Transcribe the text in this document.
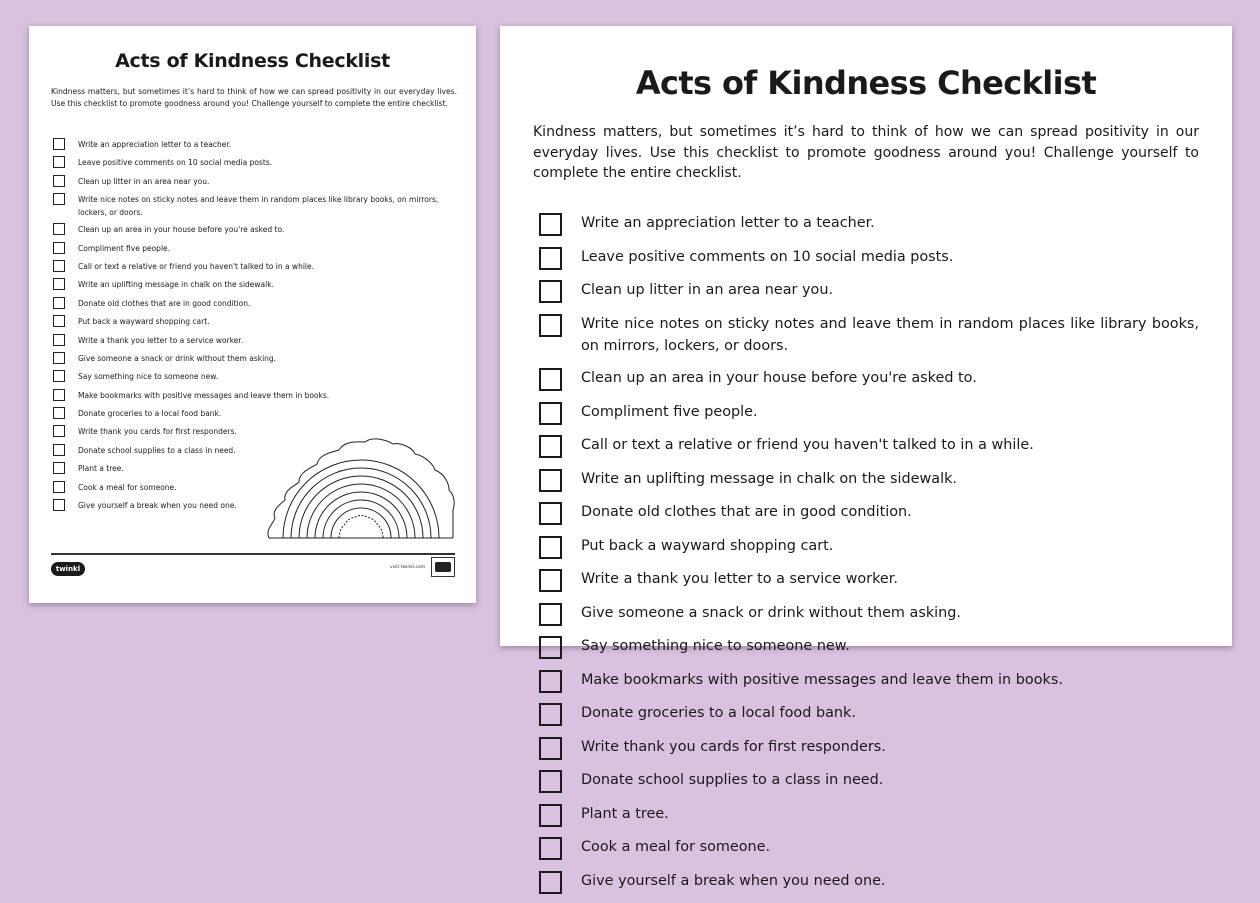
Acts of Kindness Checklist
Kindness matters, but sometimes it’s hard to think of how we can spread positivity in our everyday lives. Use this checklist to promote goodness around you! Challenge yourself to complete the entire checklist.
Write an appreciation letter to a teacher.
Leave positive comments on 10 social media posts.
Clean up litter in an area near you.
Write nice notes on sticky notes and leave them in random places like library books, on mirrors, lockers, or doors.
Clean up an area in your house before you're asked to.
Compliment five people.
Call or text a relative or friend you haven't talked to in a while.
Write an uplifting message in chalk on the sidewalk.
Donate old clothes that are in good condition.
Put back a wayward shopping cart.
Write a thank you letter to a service worker.
Give someone a snack or drink without them asking.
Say something nice to someone new.
Make bookmarks with positive messages and leave them in books.
Donate groceries to a local food bank.
Write thank you cards for first responders.
Donate school supplies to a class in need.
Plant a tree.
Cook a meal for someone.
Give yourself a break when you need one.
twinkl	visit twinkl.com
Acts of Kindness Checklist
Kindness matters, but sometimes it’s hard to think of how we can spread positivity in our everyday lives. Use this checklist to promote goodness around you! Challenge yourself to complete the entire checklist.
Write an appreciation letter to a teacher.
Leave positive comments on 10 social media posts.
Clean up litter in an area near you.
Write nice notes on sticky notes and leave them in random places like library books, on mirrors, lockers, or doors.
Clean up an area in your house before you're asked to.
Compliment five people.
Call or text a relative or friend you haven't talked to in a while.
Write an uplifting message in chalk on the sidewalk.
Donate old clothes that are in good condition.
Put back a wayward shopping cart.
Write a thank you letter to a service worker.
Give someone a snack or drink without them asking.
Say something nice to someone new.
Make bookmarks with positive messages and leave them in books.
Donate groceries to a local food bank.
Write thank you cards for first responders.
Donate school supplies to a class in need.
Plant a tree.
Cook a meal for someone.
Give yourself a break when you need one.
